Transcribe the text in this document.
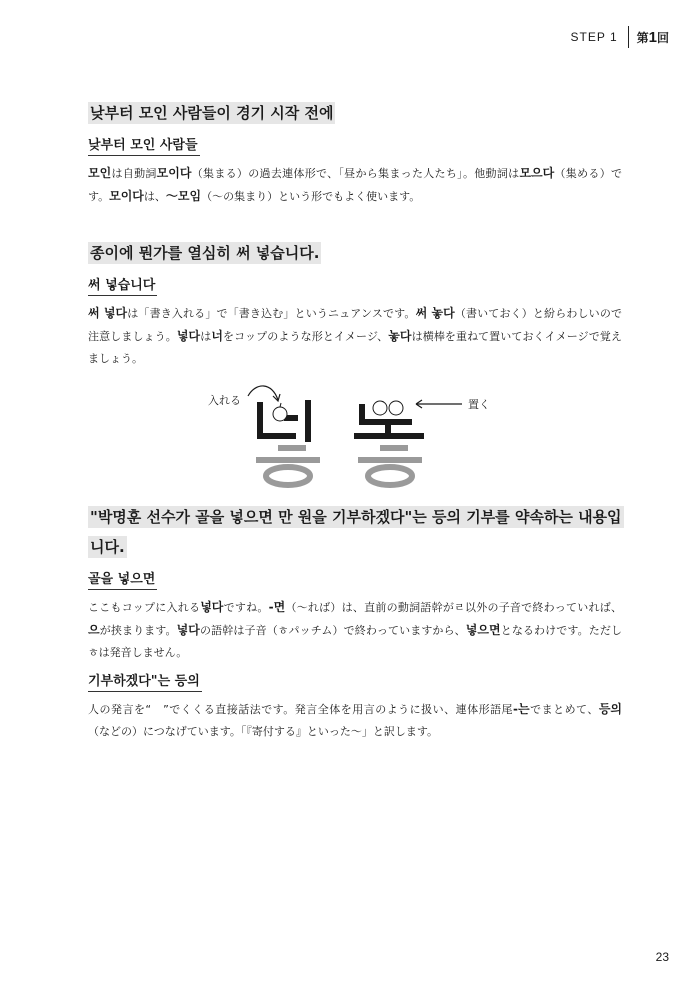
STEP 1 第1回
낮부터 모인 사람들이 경기 시작 전에
낮부터 모인 사람들
모인は自動詞모이다（集まる）の過去連体形で、「昼から集まった人たち」。他動詞は모으다（集める）です。모이다は、～모임（～の集まり）という形でもよく使います。
종이에 뭔가를 열심히 써 넣습니다.
써 넣습니다
써 넣다は「書き入れる」で「書き込む」というニュアンスです。써 놓다（書いておく）と紛らわしいので注意しましょう。넣다は너をコップのような形とイメージ、놓다は横棒を重ねて置いておくイメージで覚えましょう。
入れる	置く
"박명훈 선수가 골을 넣으면 만 원을 기부하겠다"는 등의 기부를 약속하는 내용입니다.
골을 넣으면
ここもコップに入れる넣다ですね。-면（～れば）は、直前の動詞語幹がㄹ以外の子音で終わっていれば、으が挟まります。넣다の語幹は子音（ㅎパッチム）で終わっていますから、넣으면となるわけです。ただしㅎは発音しません。
기부하겠다"는 등의
人の発言を“　”でくくる直接話法です。発言全体を用言のように扱い、連体形語尾-는でまとめて、등의（などの）につなげています。「『寄付する』といった～」と訳します。
23
